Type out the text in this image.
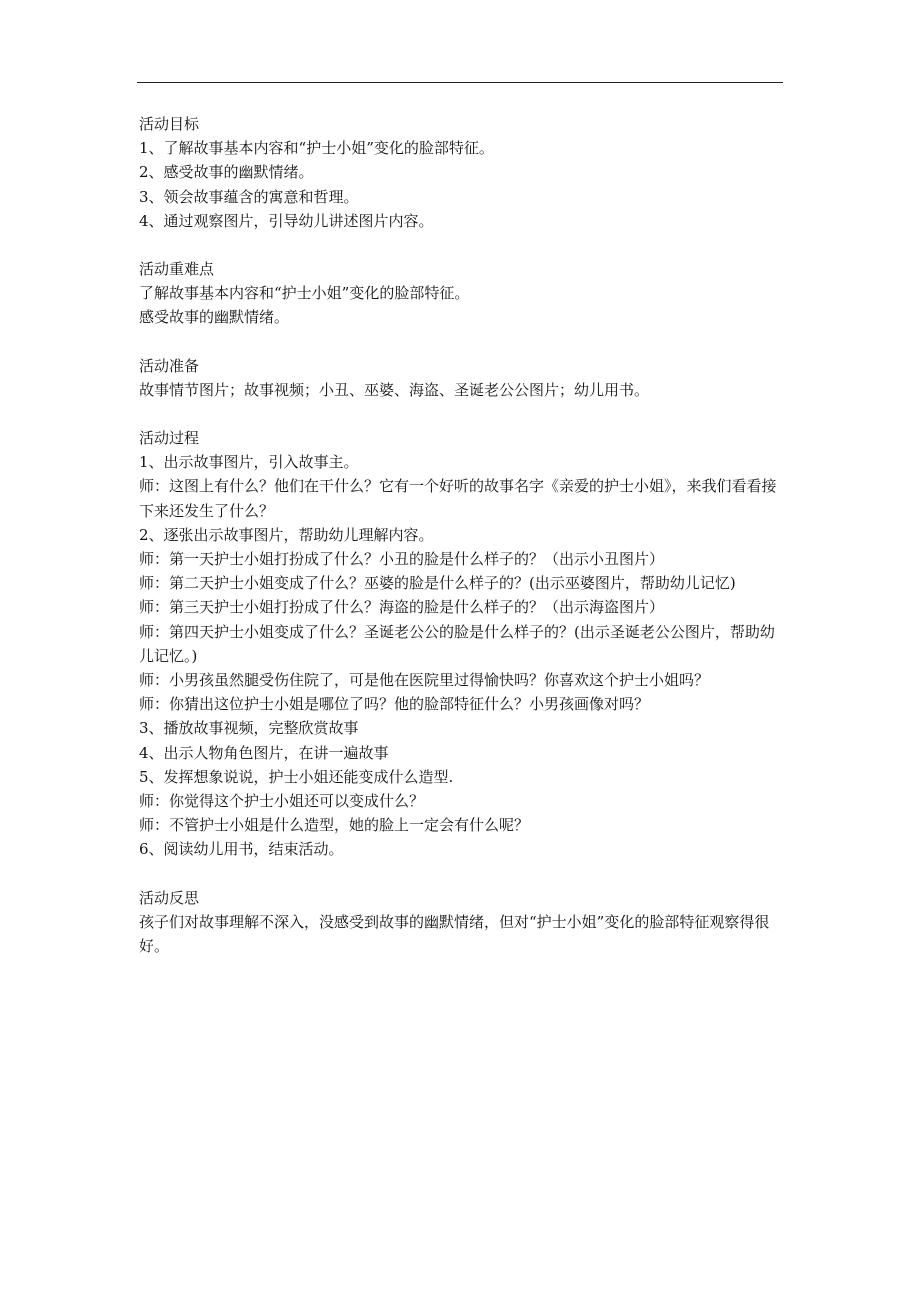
活动目标

1、了解故事基本内容和“护士小姐”变化的脸部特征。

2、感受故事的幽默情绪。

3、领会故事蕴含的寓意和哲理。

4、通过观察图片，引导幼儿讲述图片内容。

活动重难点

了解故事基本内容和“护士小姐”变化的脸部特征。

感受故事的幽默情绪。

活动准备

故事情节图片；故事视频；小丑、巫婆、海盗、圣诞老公公图片；幼儿用书。

活动过程

1、出示故事图片，引入故事主。

师：这图上有什么？他们在干什么？它有一个好听的故事名字《亲爱的护士小姐》，来我们看看接下来还发生了什么？

2、逐张出示故事图片，帮助幼儿理解内容。

师：第一天护士小姐打扮成了什么？小丑的脸是什么样子的？（出示小丑图片）

师：第二天护士小姐变成了什么？巫婆的脸是什么样子的？(出示巫婆图片，帮助幼儿记忆)

师：第三天护士小姐打扮成了什么？海盗的脸是什么样子的？（出示海盗图片）

师：第四天护士小姐变成了什么？圣诞老公公的脸是什么样子的？(出示圣诞老公公图片，帮助幼儿记忆。)

师：小男孩虽然腿受伤住院了，可是他在医院里过得愉快吗？你喜欢这个护士小姐吗？

师：你猜出这位护士小姐是哪位了吗？他的脸部特征什么？小男孩画像对吗？

3、播放故事视频，完整欣赏故事

4、出示人物角色图片，在讲一遍故事

5、发挥想象说说，护士小姐还能变成什么造型.

师：你觉得这个护士小姐还可以变成什么？

师：不管护士小姐是什么造型，她的脸上一定会有什么呢？

6、阅读幼儿用书，结束活动。

活动反思

孩子们对故事理解不深入，没感受到故事的幽默情绪，但对“护士小姐”变化的脸部特征观察得很好。
